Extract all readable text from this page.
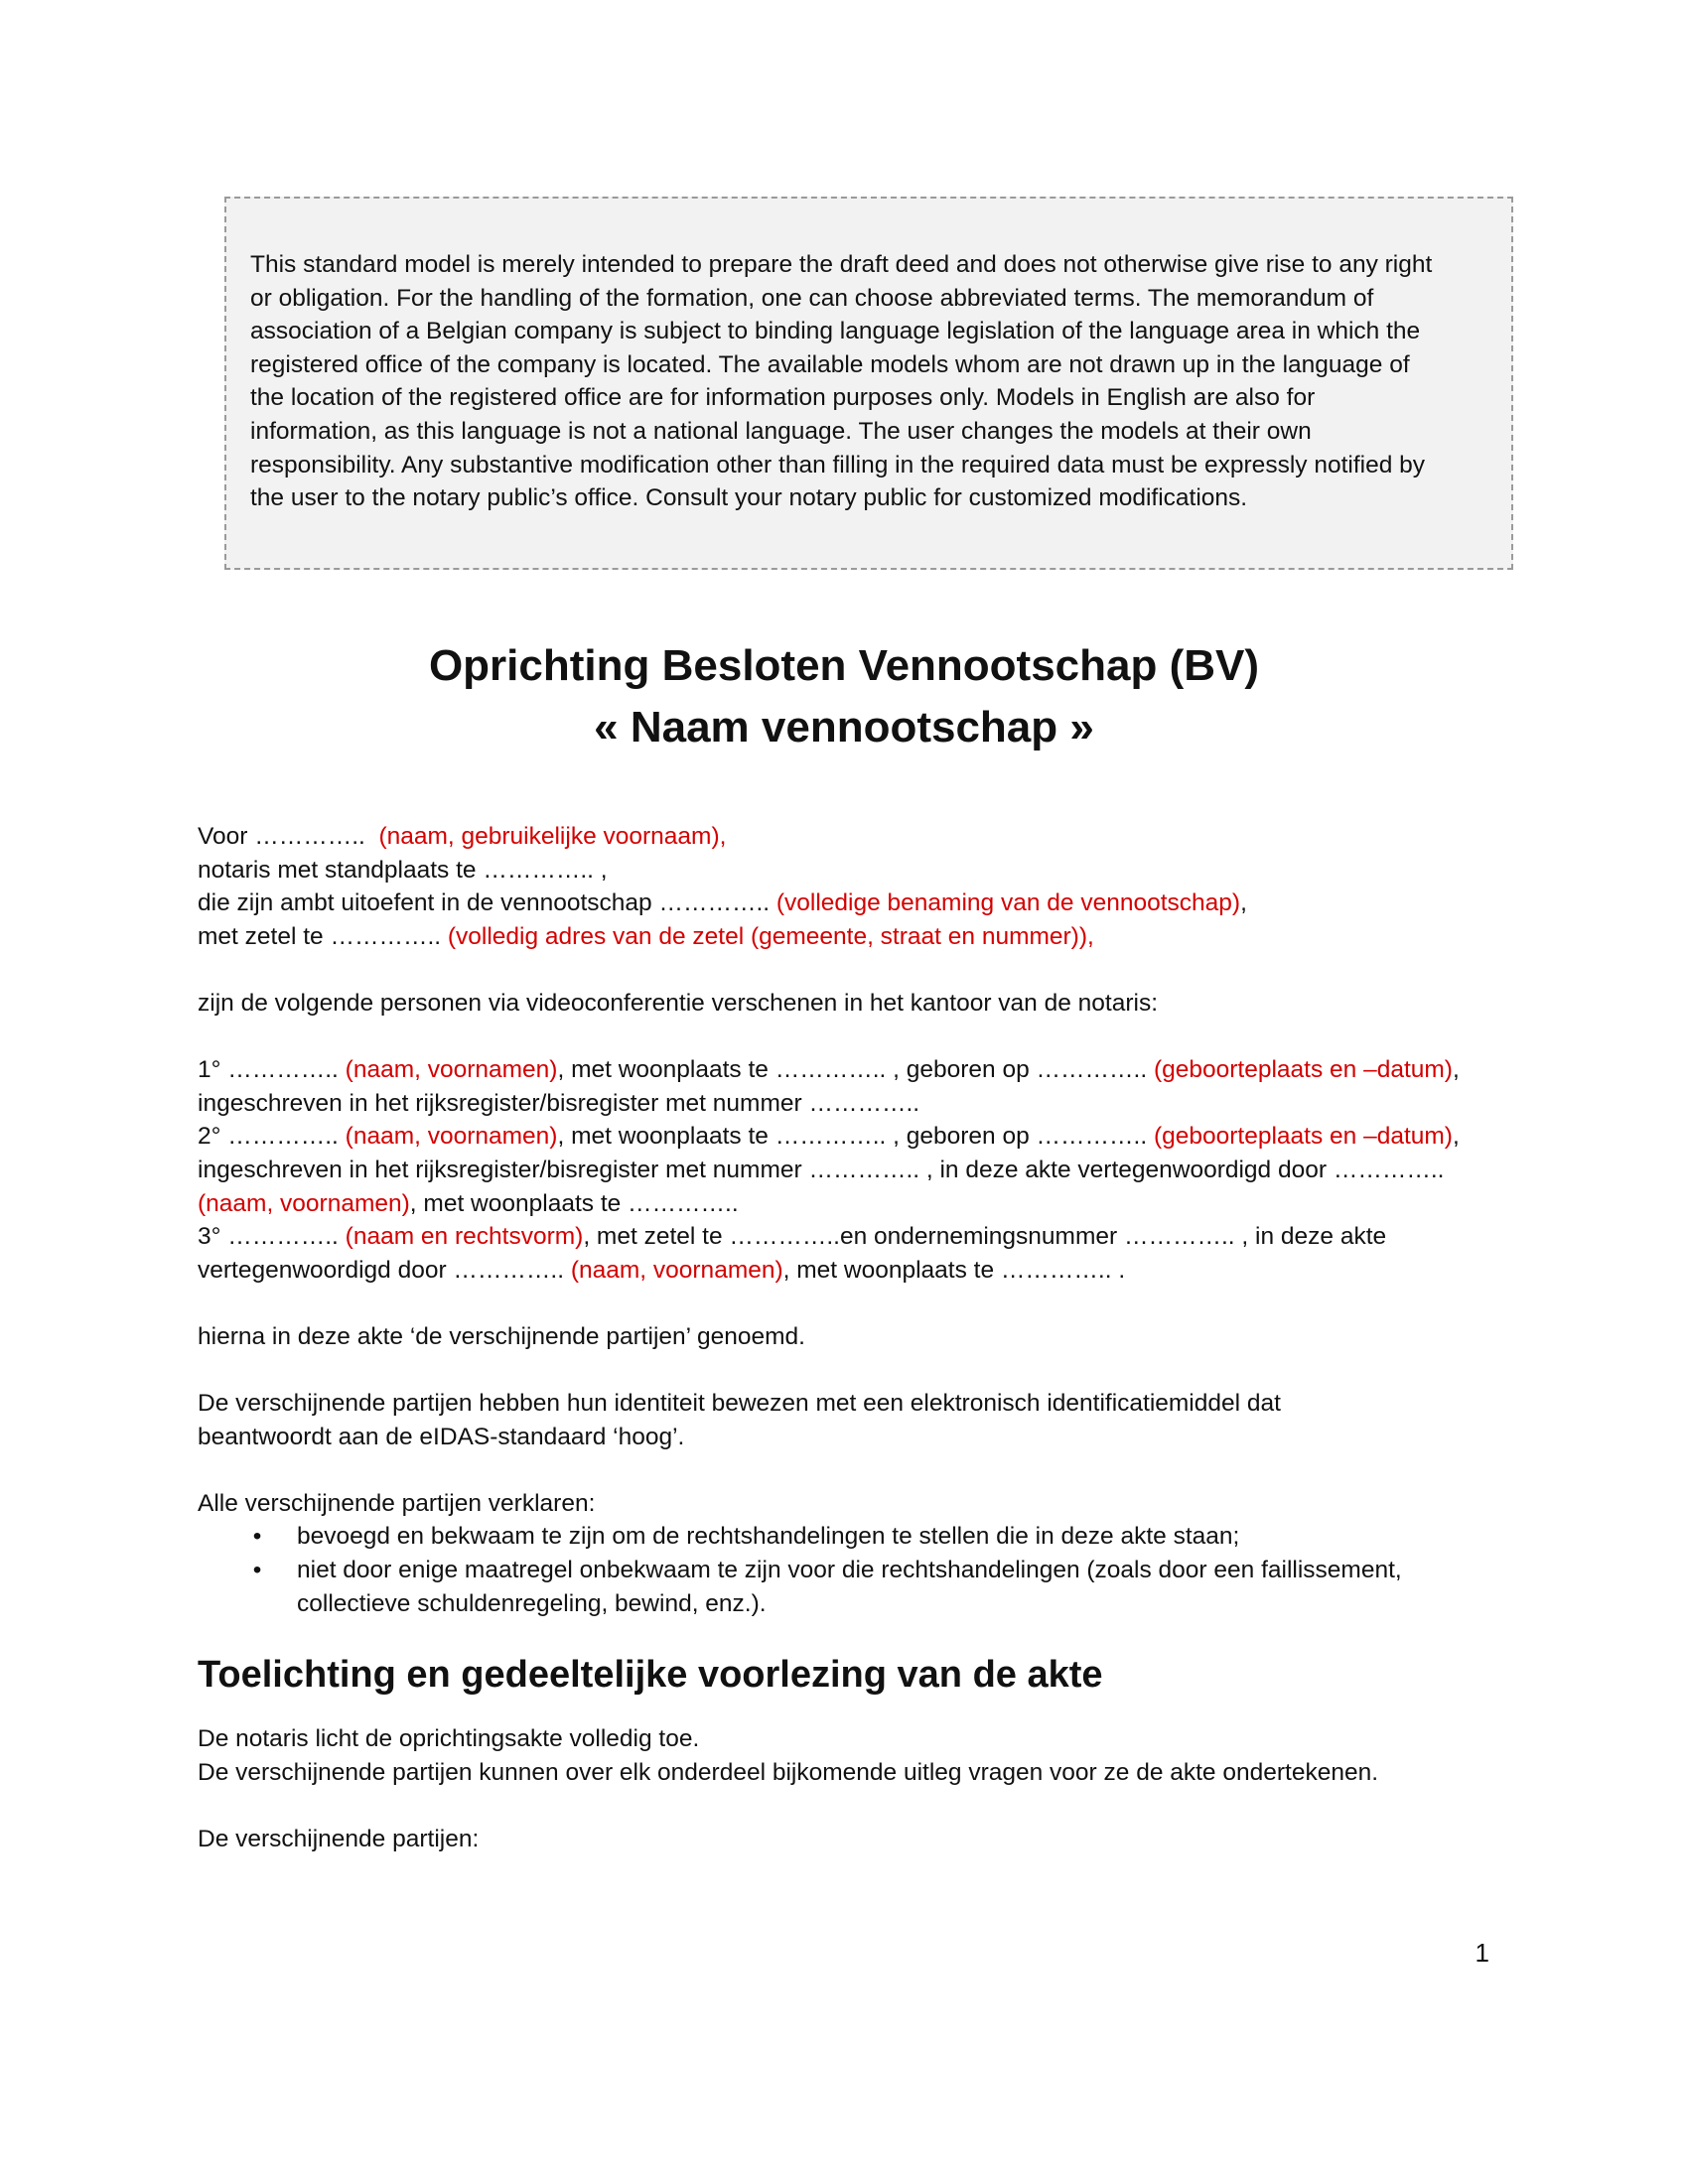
This standard model is merely intended to prepare the draft deed and does not otherwise give rise to any right
or obligation. For the handling of the formation, one can choose abbreviated terms. The memorandum of
association of a Belgian company is subject to binding language legislation of the language area in which the
registered office of the company is located. The available models whom are not drawn up in the language of
the location of the registered office are for information purposes only. Models in English are also for
information, as this language is not a national language. The user changes the models at their own
responsibility. Any substantive modification other than filling in the required data must be expressly notified by
the user to the notary public’s office. Consult your notary public for customized modifications.

Oprichting Besloten Vennootschap (BV)
« Naam vennootschap »
Voor ………….. (naam, gebruikelijke voornaam),
notaris met standplaats te ………….. ,
die zijn ambt uitoefent in de vennootschap ………….. (volledige benaming van de vennootschap),
met zetel te ………….. (volledig adres van de zetel (gemeente, straat en nummer)),
zijn de volgende personen via videoconferentie verschenen in het kantoor van de notaris:
1° ………….. (naam, voornamen), met woonplaats te ………….. , geboren op ………….. (geboorteplaats en –datum),
ingeschreven in het rijksregister/bisregister met nummer …………..
2° ………….. (naam, voornamen), met woonplaats te ………….. , geboren op ………….. (geboorteplaats en –datum),
ingeschreven in het rijksregister/bisregister met nummer ………….. , in deze akte vertegenwoordigd door …………..
(naam, voornamen), met woonplaats te …………..
3° ………….. (naam en rechtsvorm), met zetel te …………..en ondernemingsnummer ………….. , in deze akte
vertegenwoordigd door ………….. (naam, voornamen), met woonplaats te ………….. .
hierna in deze akte ‘de verschijnende partijen’ genoemd.
De verschijnende partijen hebben hun identiteit bewezen met een elektronisch identificatiemiddel dat
beantwoordt aan de eIDAS-standaard ‘hoog’.
Alle verschijnende partijen verklaren:
• bevoegd en bekwaam te zijn om de rechtshandelingen te stellen die in deze akte staan;
• niet door enige maatregel onbekwaam te zijn voor die rechtshandelingen (zoals door een faillissement,
collectieve schuldenregeling, bewind, enz.).
Toelichting en gedeeltelijke voorlezing van de akte
De notaris licht de oprichtingsakte volledig toe.
De verschijnende partijen kunnen over elk onderdeel bijkomende uitleg vragen voor ze de akte ondertekenen.
De verschijnende partijen:
1
